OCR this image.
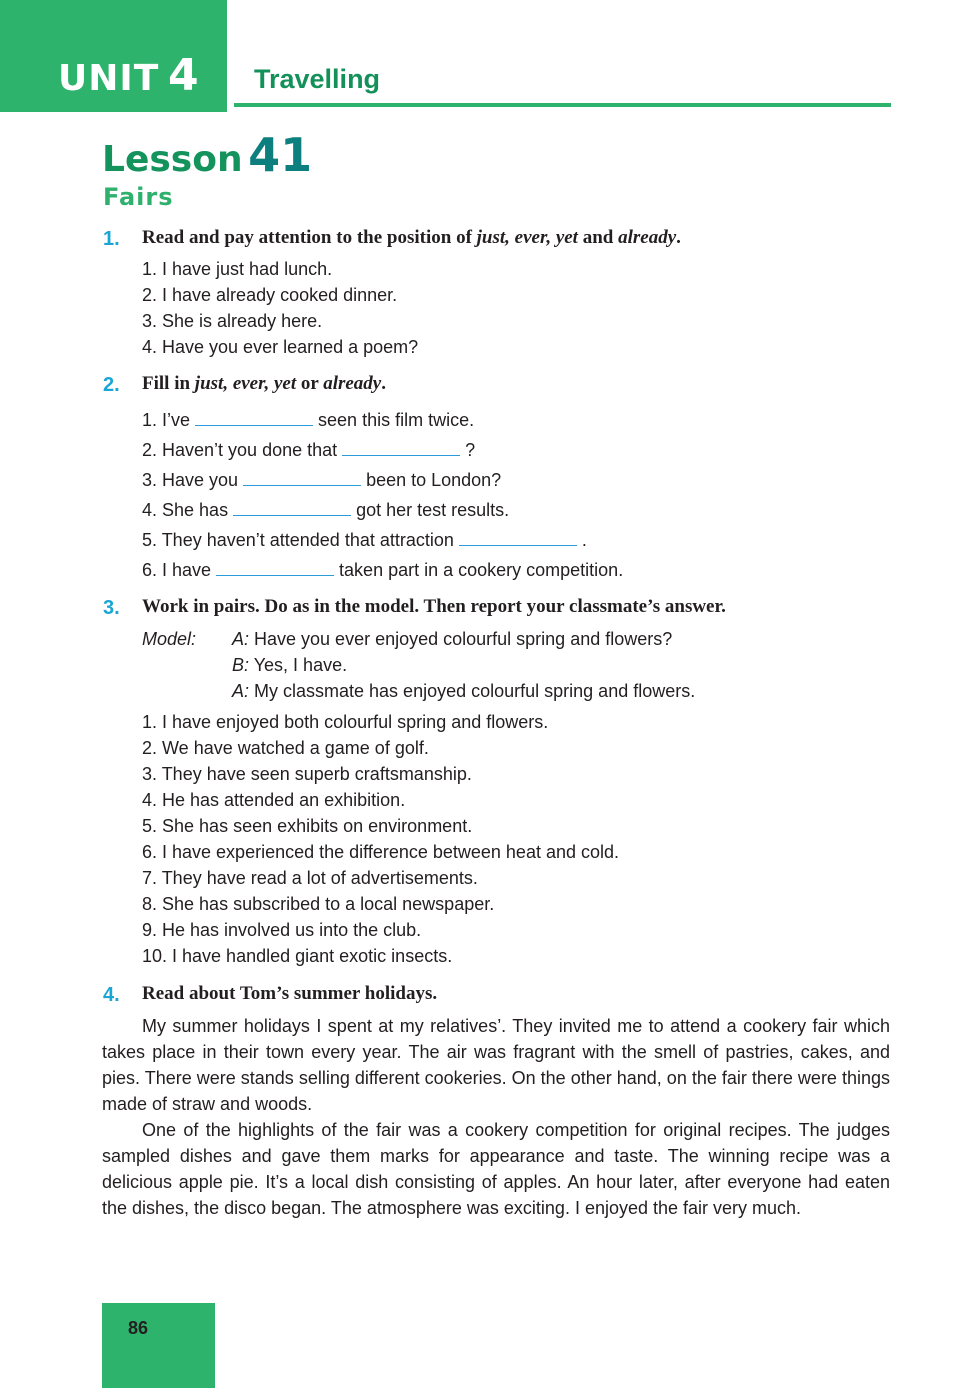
UNIT 4 Travelling
Lesson 41
Fairs
1. Read and pay attention to the position of just, ever, yet and already.
1. I have just had lunch.
2. I have already cooked dinner.
3. She is already here.
4. Have you ever learned a poem?
2. Fill in just, ever, yet or already.
1. I’ve	seen this film twice.
2. Haven’t you done that	?
3. Have you	been to London?
4. She has	got her test results.
5. They haven’t attended that attraction	.
6. I have	taken part in a cookery competition.
3. Work in pairs. Do as in the model. Then report your classmate’s answer.
Model: A: Have you ever enjoyed colourful spring and flowers?
B: Yes, I have.
A: My classmate has enjoyed colourful spring and flowers.
1. I have enjoyed both colourful spring and flowers.
2. We have watched a game of golf.
3. They have seen superb craftsmanship.
4. He has attended an exhibition.
5. She has seen exhibits on environment.
6. I have experienced the difference between heat and cold.
7. They have read a lot of advertisements.
8. She has subscribed to a local newspaper.
9. He has involved us into the club.
10. I have handled giant exotic insects.
4. Read about Tom’s summer holidays.

My summer holidays I spent at my relatives’. They invited me to attend a cookery fair which takes place in their town every year. The air was fragrant with the smell of pastries, cakes, and pies. There were stands selling different cookeries. On the other hand, on the fair there were things made of straw and woods.

One of the highlights of the fair was a cookery competition for original recipes. The judges sampled dishes and gave them marks for appearance and taste. The winning recipe was a delicious apple pie. It’s a local dish consisting of apples. An hour later, after everyone had eaten the dishes, the disco began. The atmosphere was exciting. I enjoyed the fair very much.

86
